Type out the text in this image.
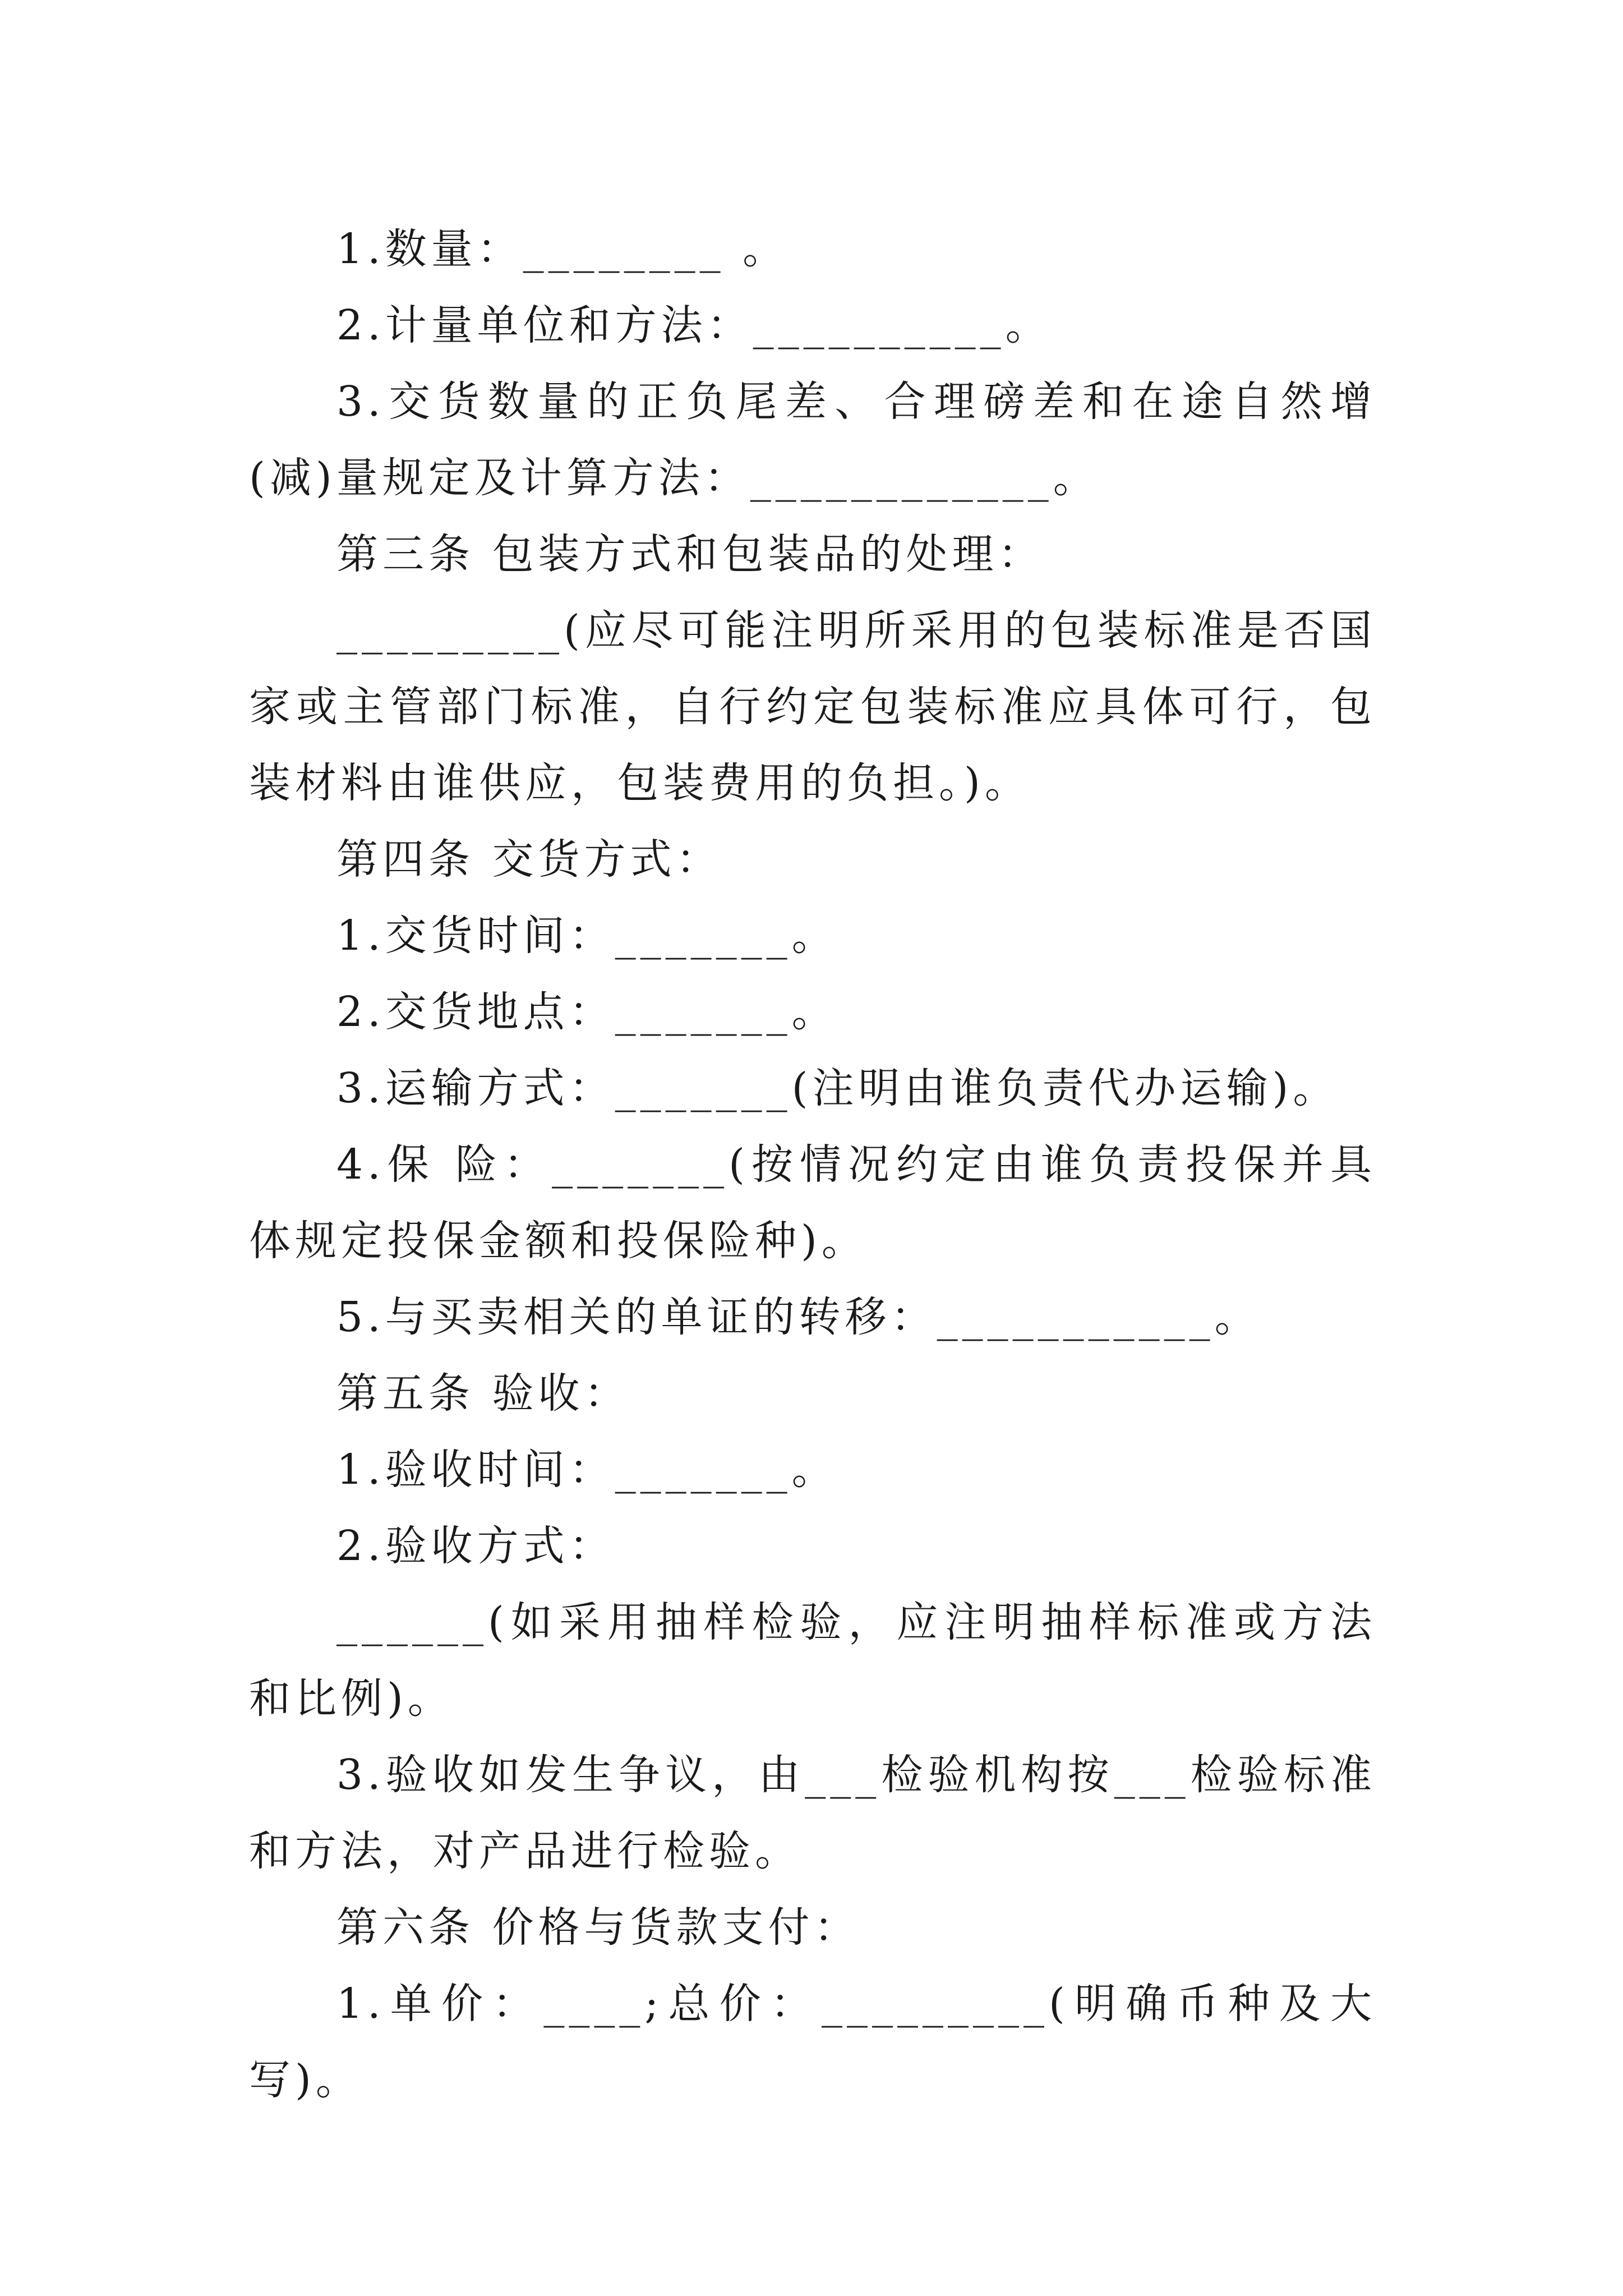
1.数量：________ 。

2.计量单位和方法：__________。

3.交货数量的正负尾差、合理磅差和在途自然增(减)量规定及计算方法：____________。

第三条 包装方式和包装品的处理：

_________(应尽可能注明所采用的包装标准是否国家或主管部门标准，自行约定包装标准应具体可行，包装材料由谁供应，包装费用的负担。)。

第四条 交货方式：

1.交货时间：_______。

2.交货地点：_______。

3.运输方式：_______(注明由谁负责代办运输)。

4.保 险：_______(按情况约定由谁负责投保并具体规定投保金额和投保险种)。

5.与买卖相关的单证的转移：___________。

第五条 验收：

1.验收时间：_______。

2.验收方式：

______(如采用抽样检验，应注明抽样标准或方法和比例)。

3.验收如发生争议，由___检验机构按___检验标准和方法，对产品进行检验。

第六条 价格与货款支付：

1.单价：____;总价：_________(明确币种及大写)。
